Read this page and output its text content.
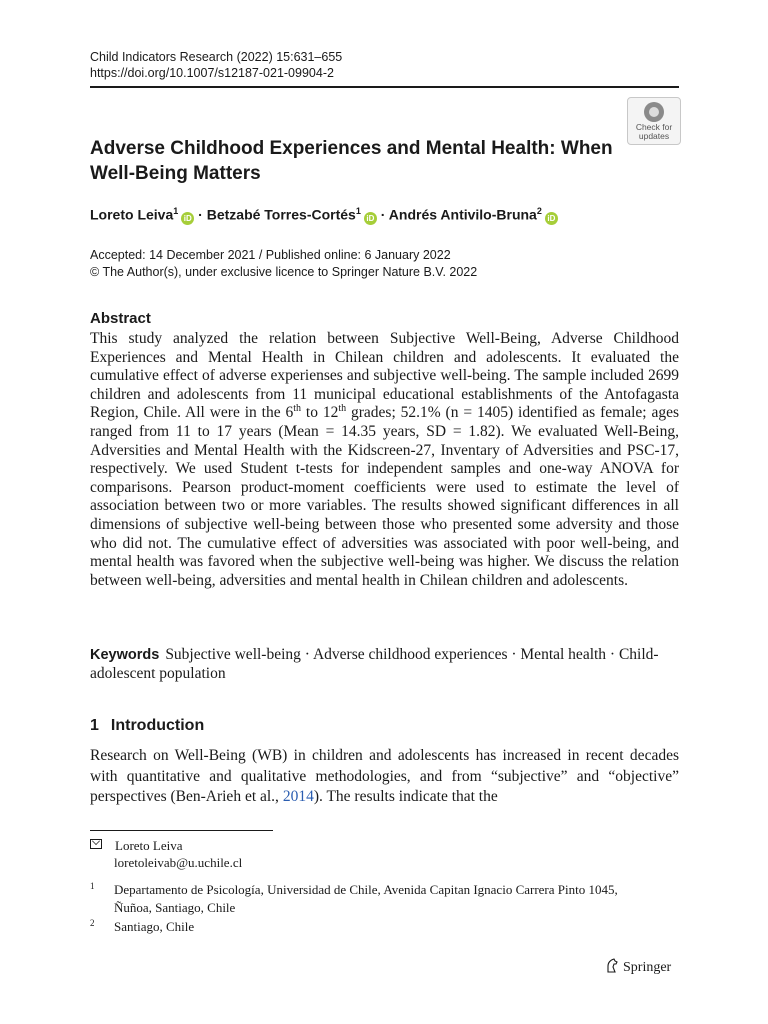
Child Indicators Research (2022) 15:631–655
https://doi.org/10.1007/s12187-021-09904-2
Check for
updates
Adverse Childhood Experiences and Mental Health: When Well-Being Matters
Loreto Leiva$^1$iD · Betzabé Torres-Cortés$^1$iD · Andrés Antivilo-Bruna$^2$iD
Accepted: 14 December 2021 / Published online: 6 January 2022
© The Author(s), under exclusive licence to Springer Nature B.V. 2022
Abstract

This study analyzed the relation between Subjective Well-Being, Adverse Childhood Experiences and Mental Health in Chilean children and adolescents. It evaluated the cumulative effect of adverse experienses and subjective well-being. The sample included 2699 children and adolescents from 11 municipal educational establishments of the Antofagasta Region, Chile. All were in the 6th to 12th grades; 52.1% (n = 1405) identified as female; ages ranged from 11 to 17 years (Mean = 14.35 years, SD = 1.82). We evaluated Well-Being, Adversities and Mental Health with the Kidscreen-27, Inventary of Adversities and PSC-17, respectively. We used Student t-tests for independent samples and one-way ANOVA for comparisons. Pearson product-moment coefficients were used to estimate the level of association between two or more variables. The results showed significant differences in all dimensions of subjective well-being between those who presented some adversity and those who did not. The cumulative effect of adversities was associated with poor well-being, and mental health was favored when the subjective well-being was higher. We discuss the relation between well-being, adversities and mental health in Chilean children and adolescents.

Keywords Subjective well-being · Adverse childhood experiences · Mental health · Child-adolescent population

1 Introduction

Research on Well-Being (WB) in children and adolescents has increased in recent decades with quantitative and qualitative methodologies, and from “subjective” and “objective” perspectives (Ben-Arieh et al., 2014). The results indicate that the

Loreto Leiva
loretoleivab@u.uchile.cl
1	Departamento de Psicología, Universidad de Chile, Avenida Capitan Ignacio Carrera Pinto 1045, Ñuñoa, Santiago, Chile
2	Santiago, Chile
Springer
